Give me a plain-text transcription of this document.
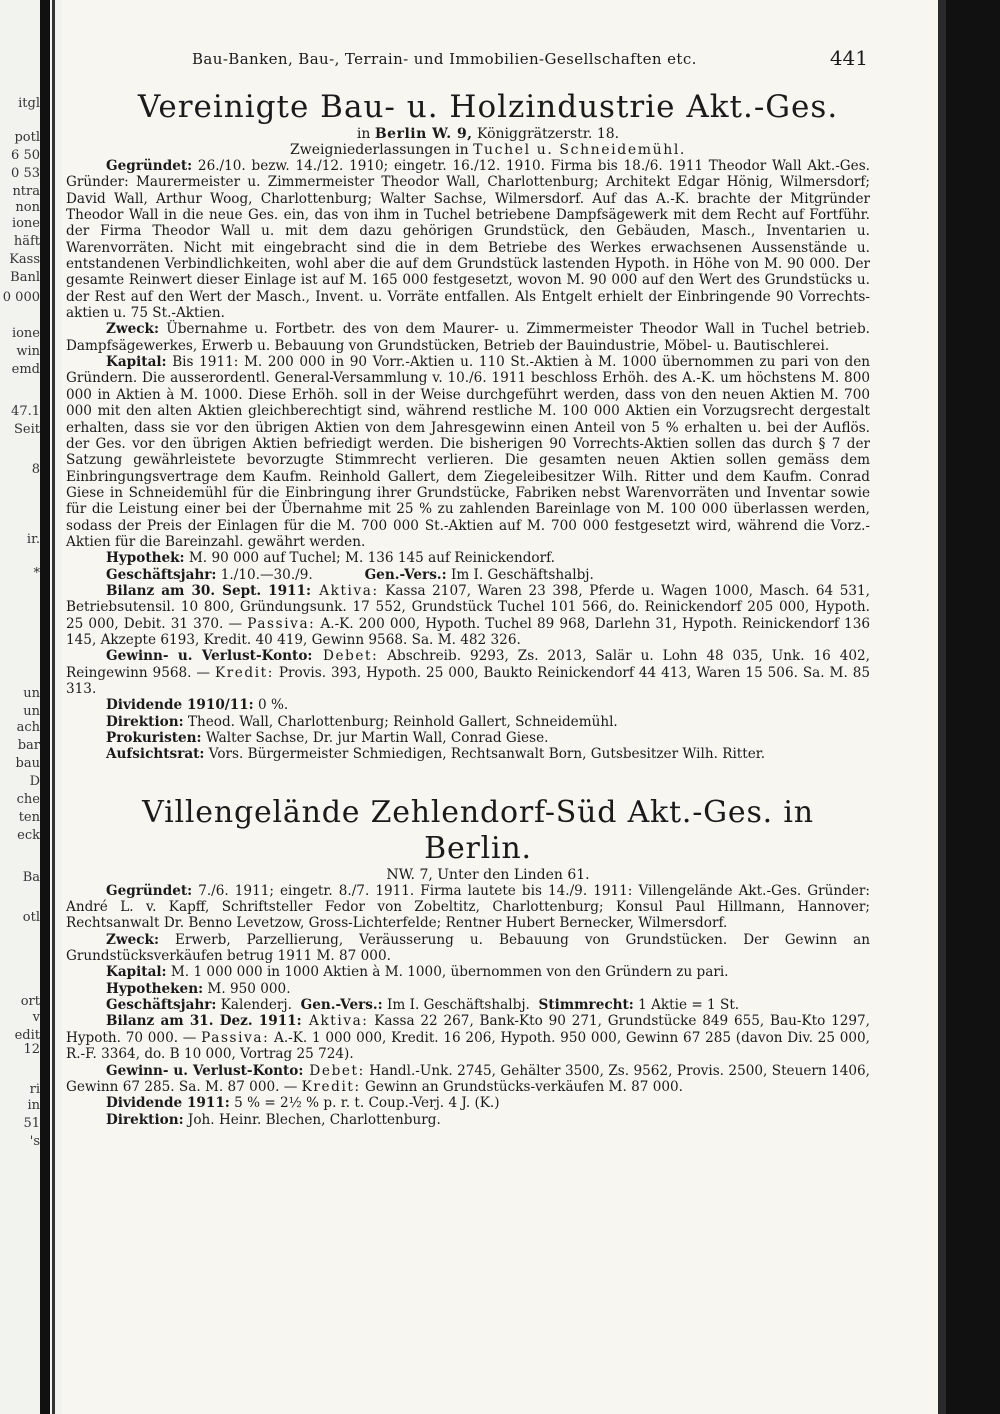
itgl
potl
6 50
0 53
ntra
non
ione
häft
Kass
Banl
0 000
ione
win
emd
47.1
Seit
8
ir.
*
un
un
ach
bar
bau
D
che
ten
eck
Ba
otl
ort
v
edit
12
ri
in
51
's
Bau-Banken, Bau-, Terrain- und Immobilien-Gesellschaften etc.	441
Vereinigte Bau- u. Holzindustrie Akt.-Ges.
in Berlin W. 9, Königgrätzerstr. 18.
Zweigniederlassungen in Tuchel u. Schneidemühl.

Gegründet: 26./10. bezw. 14./12. 1910; eingetr. 16./12. 1910. Firma bis 18./6. 1911 Theodor Wall Akt.-Ges. Gründer: Maurermeister u. Zimmermeister Theodor Wall, Charlottenburg; Architekt Edgar Hönig, Wilmersdorf; David Wall, Arthur Woog, Charlottenburg; Walter Sachse, Wilmersdorf. Auf das A.-K. brachte der Mitgründer Theodor Wall in die neue Ges. ein, das von ihm in Tuchel betriebene Dampfsägewerk mit dem Recht auf Fortführ. der Firma Theodor Wall u. mit dem dazu gehörigen Grundstück, den Gebäuden, Masch., Inventarien u. Warenvorräten. Nicht mit eingebracht sind die in dem Betriebe des Werkes erwachsenen Aussenstände u. entstandenen Verbindlichkeiten, wohl aber die auf dem Grundstück lastenden Hypoth. in Höhe von M. 90 000. Der gesamte Reinwert dieser Einlage ist auf M. 165 000 festgesetzt, wovon M. 90 000 auf den Wert des Grundstücks u. der Rest auf den Wert der Masch., Invent. u. Vorräte entfallen. Als Entgelt erhielt der Einbringende 90 Vorrechts-aktien u. 75 St.-Aktien.

Zweck: Übernahme u. Fortbetr. des von dem Maurer- u. Zimmermeister Theodor Wall in Tuchel betrieb. Dampfsägewerkes, Erwerb u. Bebauung von Grundstücken, Betrieb der Bauindustrie, Möbel- u. Bautischlerei.

Kapital: Bis 1911: M. 200 000 in 90 Vorr.-Aktien u. 110 St.-Aktien à M. 1000 übernommen zu pari von den Gründern. Die ausserordentl. General-Versammlung v. 10./6. 1911 beschloss Erhöh. des A.-K. um höchstens M. 800 000 in Aktien à M. 1000. Diese Erhöh. soll in der Weise durchgeführt werden, dass von den neuen Aktien M. 700 000 mit den alten Aktien gleichberechtigt sind, während restliche M. 100 000 Aktien ein Vorzugsrecht dergestalt erhalten, dass sie vor den übrigen Aktien von dem Jahresgewinn einen Anteil von 5 % erhalten u. bei der Auflös. der Ges. vor den übrigen Aktien befriedigt werden. Die bisherigen 90 Vorrechts-Aktien sollen das durch § 7 der Satzung gewährleistete bevorzugte Stimmrecht verlieren. Die gesamten neuen Aktien sollen gemäss dem Einbringungsvertrage dem Kaufm. Reinhold Gallert, dem Ziegeleibesitzer Wilh. Ritter und dem Kaufm. Conrad Giese in Schneidemühl für die Einbringung ihrer Grundstücke, Fabriken nebst Warenvorräten und Inventar sowie für die Leistung einer bei der Übernahme mit 25 % zu zahlenden Bareinlage von M. 100 000 überlassen werden, sodass der Preis der Einlagen für die M. 700 000 St.-Aktien auf M. 700 000 festgesetzt wird, während die Vorz.-Aktien für die Bareinzahl. gewährt werden.

Hypothek: M. 90 000 auf Tuchel; M. 136 145 auf Reinickendorf.

Geschäftsjahr: 1./10.—30./9.	Gen.-Vers.: Im I. Geschäftshalbj.

Bilanz am 30. Sept. 1911: Aktiva: Kassa 2107, Waren 23 398, Pferde u. Wagen 1000, Masch. 64 531, Betriebsutensil. 10 800, Gründungsunk. 17 552, Grundstück Tuchel 101 566, do. Reinickendorf 205 000, Hypoth. 25 000, Debit. 31 370. — Passiva: A.-K. 200 000, Hypoth. Tuchel 89 968, Darlehn 31, Hypoth. Reinickendorf 136 145, Akzepte 6193, Kredit. 40 419, Gewinn 9568. Sa. M. 482 326.

Gewinn- u. Verlust-Konto: Debet: Abschreib. 9293, Zs. 2013, Salär u. Lohn 48 035, Unk. 16 402, Reingewinn 9568. — Kredit: Provis. 393, Hypoth. 25 000, Baukto Reinickendorf 44 413, Waren 15 506. Sa. M. 85 313.

Dividende 1910/11: 0 %.

Direktion: Theod. Wall, Charlottenburg; Reinhold Gallert, Schneidemühl.

Prokuristen: Walter Sachse, Dr. jur Martin Wall, Conrad Giese.

Aufsichtsrat: Vors. Bürgermeister Schmiedigen, Rechtsanwalt Born, Gutsbesitzer Wilh. Ritter.

Villengelände Zehlendorf-Süd Akt.-Ges. in Berlin.
NW. 7, Unter den Linden 61.

Gegründet: 7./6. 1911; eingetr. 8./7. 1911. Firma lautete bis 14./9. 1911: Villengelände Akt.-Ges. Gründer: André L. v. Kapff, Schriftsteller Fedor von Zobeltitz, Charlottenburg; Konsul Paul Hillmann, Hannover; Rechtsanwalt Dr. Benno Levetzow, Gross-Lichterfelde; Rentner Hubert Bernecker, Wilmersdorf.

Zweck: Erwerb, Parzellierung, Veräusserung u. Bebauung von Grundstücken. Der Gewinn an Grundstücksverkäufen betrug 1911 M. 87 000.

Kapital: M. 1 000 000 in 1000 Aktien à M. 1000, übernommen von den Gründern zu pari.

Hypotheken: M. 950 000.

Geschäftsjahr: Kalenderj. Gen.-Vers.: Im I. Geschäftshalbj. Stimmrecht: 1 Aktie = 1 St.

Bilanz am 31. Dez. 1911: Aktiva: Kassa 22 267, Bank-Kto 90 271, Grundstücke 849 655, Bau-Kto 1297, Hypoth. 70 000. — Passiva: A.-K. 1 000 000, Kredit. 16 206, Hypoth. 950 000, Gewinn 67 285 (davon Div. 25 000, R.-F. 3364, do. B 10 000, Vortrag 25 724).

Gewinn- u. Verlust-Konto: Debet: Handl.-Unk. 2745, Gehälter 3500, Zs. 9562, Provis. 2500, Steuern 1406, Gewinn 67 285. Sa. M. 87 000. — Kredit: Gewinn an Grundstücks-verkäufen M. 87 000.

Dividende 1911: 5 % = 2½ % p. r. t. Coup.-Verj. 4 J. (K.)

Direktion: Joh. Heinr. Blechen, Charlottenburg.
